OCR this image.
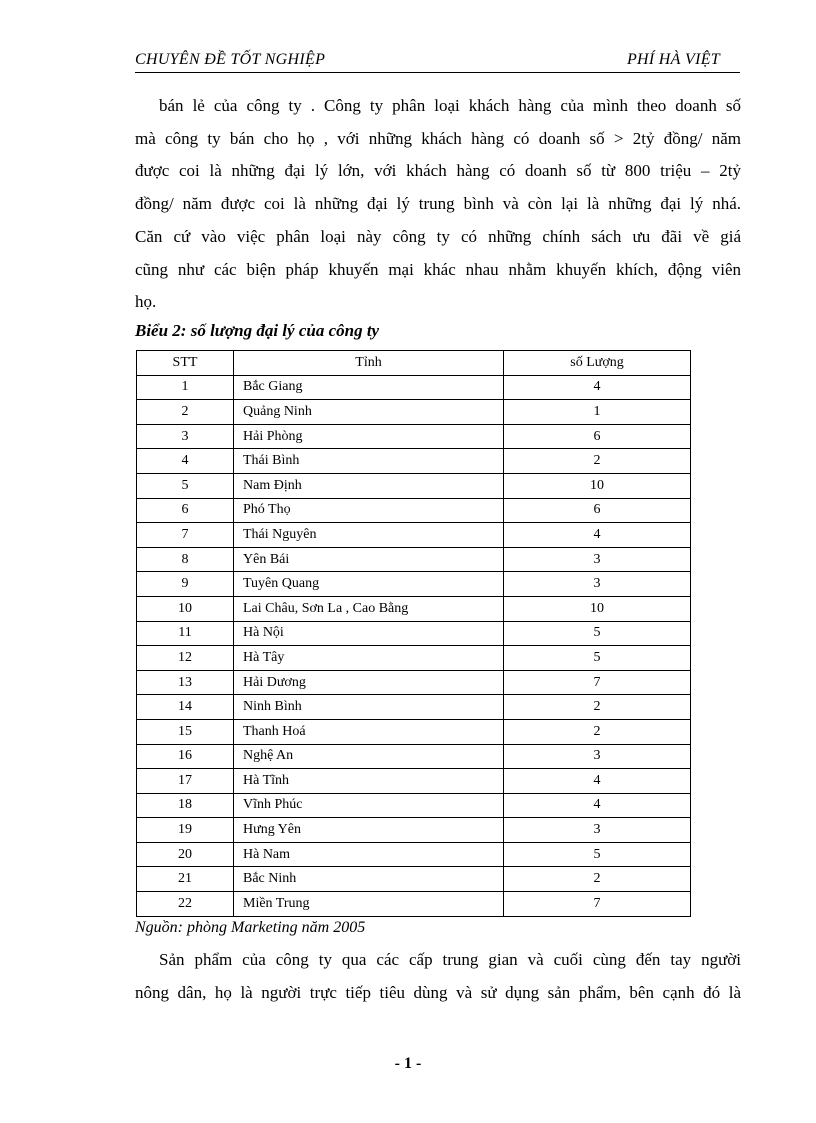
CHUYÊN ĐỀ TỐT NGHIỆP	PHÍ HÀ VIỆT
bán lẻ của công ty . Công ty phân loại khách hàng của mình theo doanh số
mà công ty bán cho họ , với những khách hàng có doanh số > 2tỷ đồng/ năm
được coi là những đại lý lớn, với khách hàng có doanh số từ 800 triệu – 2tỷ
đồng/ năm được coi là những đại lý trung bình và còn lại là những đại lý nhá.
Căn cứ vào việc phân loại này công ty có những chính sách ưu đãi về giá
cũng như các biện pháp khuyến mại khác nhau nhằm khuyến khích, động viên
họ.
Biểu 2: số lượng đại lý của công ty
STT	Tỉnh	số Lượng
1	Bắc Giang	4
2	Quảng Ninh	1
3	Hải Phòng	6
4	Thái Bình	2
5	Nam Định	10
6	Phó Thọ	6
7	Thái Nguyên	4
8	Yên Bái	3
9	Tuyên Quang	3
10	Lai Châu, Sơn La , Cao Bằng	10
11	Hà Nội	5
12	Hà Tây	5
13	Hải Dương	7
14	Ninh Bình	2
15	Thanh Hoá	2
16	Nghệ An	3
17	Hà Tĩnh	4
18	Vĩnh Phúc	4
19	Hưng Yên	3
20	Hà Nam	5
21	Bắc Ninh	2
22	Miền Trung	7
Nguồn: phòng Marketing năm 2005
Sản phẩm của công ty qua các cấp trung gian và cuối cùng đến tay người
nông dân, họ là người trực tiếp tiêu dùng và sử dụng sản phẩm, bên cạnh đó là
- 1 -
